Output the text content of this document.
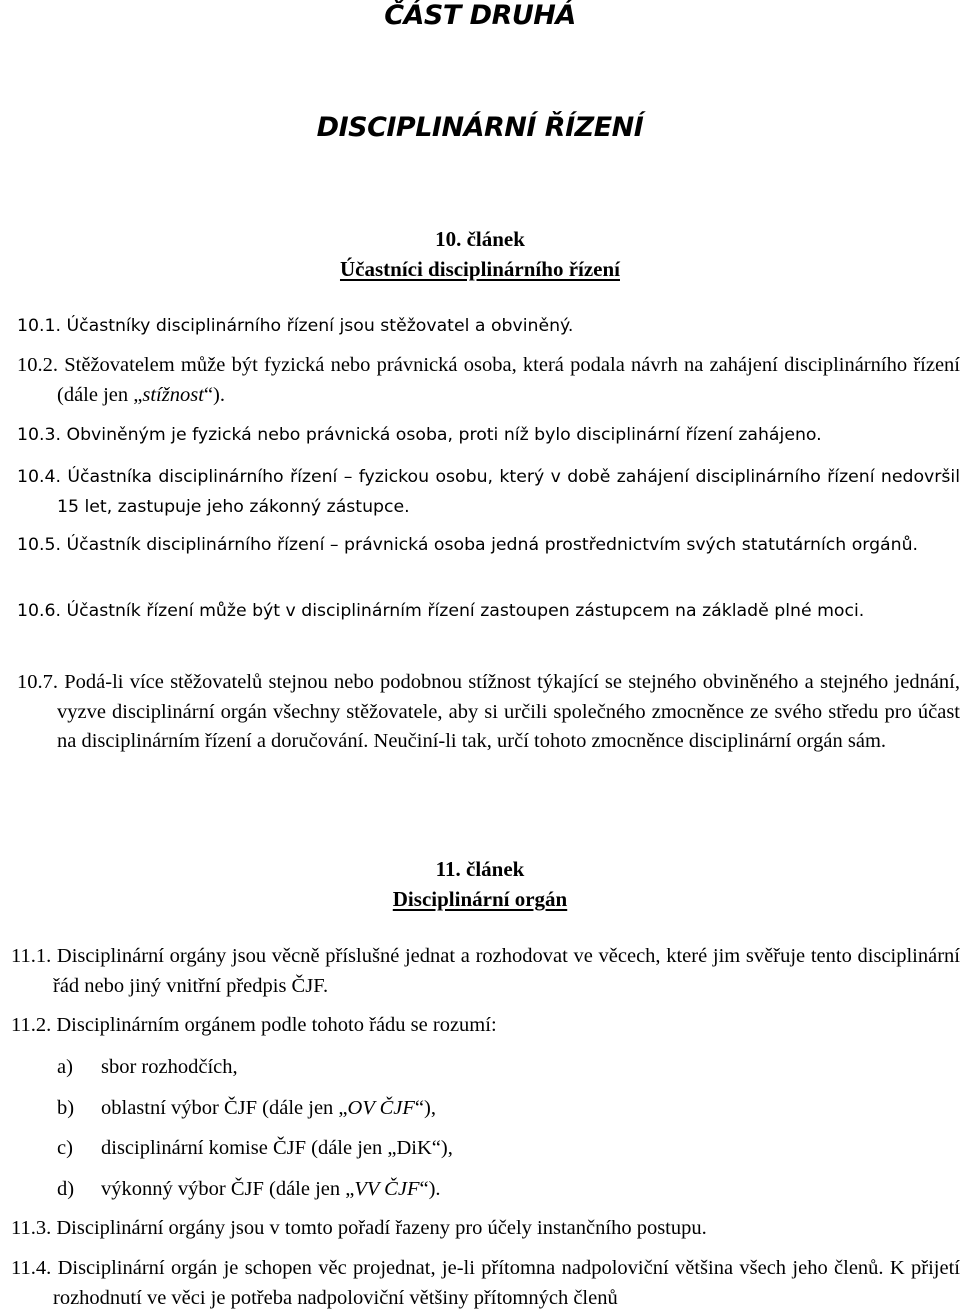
ČÁST DRUHÁ
DISCIPLINÁRNÍ ŘÍZENÍ
10. článek
Účastníci disciplinárního řízení
10.1. Účastníky disciplinárního řízení jsou stěžovatel a obviněný.
10.2. Stěžovatelem může být fyzická nebo právnická osoba, která podala návrh na zahájení disciplinárního řízení (dále jen „stížnost“).
10.3. Obviněným je fyzická nebo právnická osoba, proti níž bylo disciplinární řízení zahájeno.
10.4. Účastníka disciplinárního řízení – fyzickou osobu, který v době zahájení disciplinárního řízení nedovršil 15 let, zastupuje jeho zákonný zástupce.
10.5. Účastník disciplinárního řízení – právnická osoba jedná prostřednictvím svých statutárních orgánů.
10.6. Účastník řízení může být v disciplinárním řízení zastoupen zástupcem na základě plné moci.
10.7. Podá-li více stěžovatelů stejnou nebo podobnou stížnost týkající se stejného obviněného a stejného jednání, vyzve disciplinární orgán všechny stěžovatele, aby si určili společného zmocněnce ze svého středu pro účast na disciplinárním řízení a doručování. Neučiní-li tak, určí tohoto zmocněnce disciplinární orgán sám.
11. článek
Disciplinární orgán
11.1. Disciplinární orgány jsou věcně příslušné jednat a rozhodovat ve věcech, které jim svěřuje tento disciplinární řád nebo jiný vnitřní předpis ČJF.
11.2. Disciplinárním orgánem podle tohoto řádu se rozumí:
a) sbor rozhodčích,
b) oblastní výbor ČJF (dále jen „OV ČJF“),
c) disciplinární komise ČJF (dále jen „DiK“),
d) výkonný výbor ČJF (dále jen „VV ČJF“).
11.3. Disciplinární orgány jsou v tomto pořadí řazeny pro účely instančního postupu.
11.4. Disciplinární orgán je schopen věc projednat, je-li přítomna nadpoloviční většina všech jeho členů. K přijetí rozhodnutí ve věci je potřeba nadpoloviční většiny přítomných členů
